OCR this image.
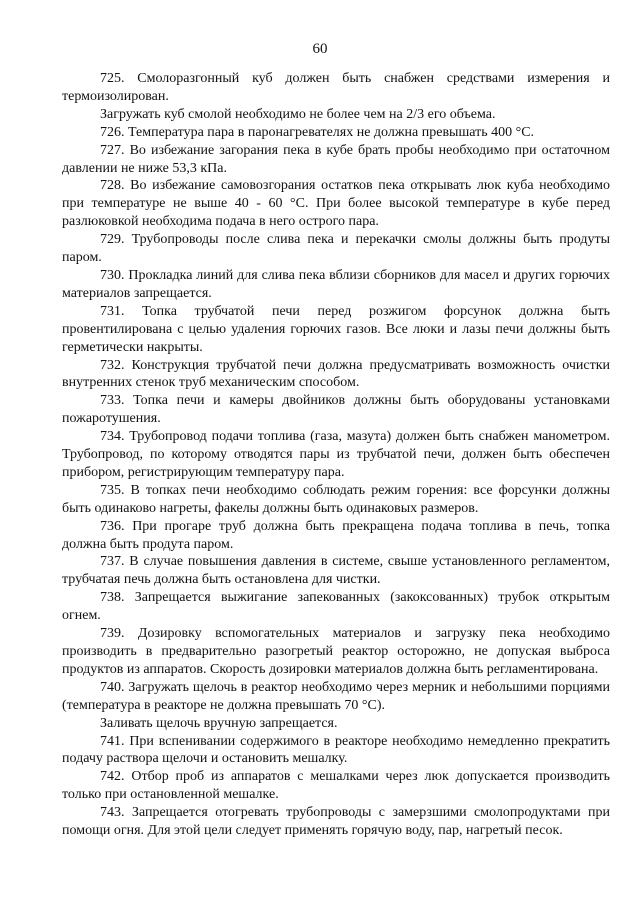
60

725. Смолоразгонный куб должен быть снабжен средствами измерения и термоизолирован.

Загружать куб смолой необходимо не более чем на 2/3 его объема.

726. Температура пара в паронагревателях не должна превышать 400 °С.

727. Во избежание загорания пека в кубе брать пробы необходимо при остаточном давлении не ниже 53,3 кПа.

728. Во избежание самовозгорания остатков пека открывать люк куба необходимо при температуре не выше 40 - 60 °С. При более высокой температуре в кубе перед разлюковкой необходима подача в него острого пара.

729. Трубопроводы после слива пека и перекачки смолы должны быть продуты паром.

730. Прокладка линий для слива пека вблизи сборников для масел и других горючих материалов запрещается.

731. Топка трубчатой печи перед розжигом форсунок должна быть провентилирована с целью удаления горючих газов. Все люки и лазы печи должны быть герметически накрыты.

732. Конструкция трубчатой печи должна предусматривать возможность очистки внутренних стенок труб механическим способом.

733. Топка печи и камеры двойников должны быть оборудованы установками пожаротушения.

734. Трубопровод подачи топлива (газа, мазута) должен быть снабжен манометром. Трубопровод, по которому отводятся пары из трубчатой печи, должен быть обеспечен прибором, регистрирующим температуру пара.

735. В топках печи необходимо соблюдать режим горения: все форсунки должны быть одинаково нагреты, факелы должны быть одинаковых размеров.

736. При прогаре труб должна быть прекращена подача топлива в печь, топка должна быть продута паром.

737. В случае повышения давления в системе, свыше установленного регламентом, трубчатая печь должна быть остановлена для чистки.

738. Запрещается выжигание запекованных (закоксованных) трубок открытым огнем.

739. Дозировку вспомогательных материалов и загрузку пека необходимо производить в предварительно разогретый реактор осторожно, не допуская выброса продуктов из аппаратов. Скорость дозировки материалов должна быть регламентирована.

740. Загружать щелочь в реактор необходимо через мерник и небольшими порциями (температура в реакторе не должна превышать 70 °С).

Заливать щелочь вручную запрещается.

741. При вспенивании содержимого в реакторе необходимо немедленно прекратить подачу раствора щелочи и остановить мешалку.

742. Отбор проб из аппаратов с мешалками через люк допускается производить только при остановленной мешалке.

743. Запрещается отогревать трубопроводы с замерзшими смолопродуктами при помощи огня. Для этой цели следует применять горячую воду, пар, нагретый песок.
